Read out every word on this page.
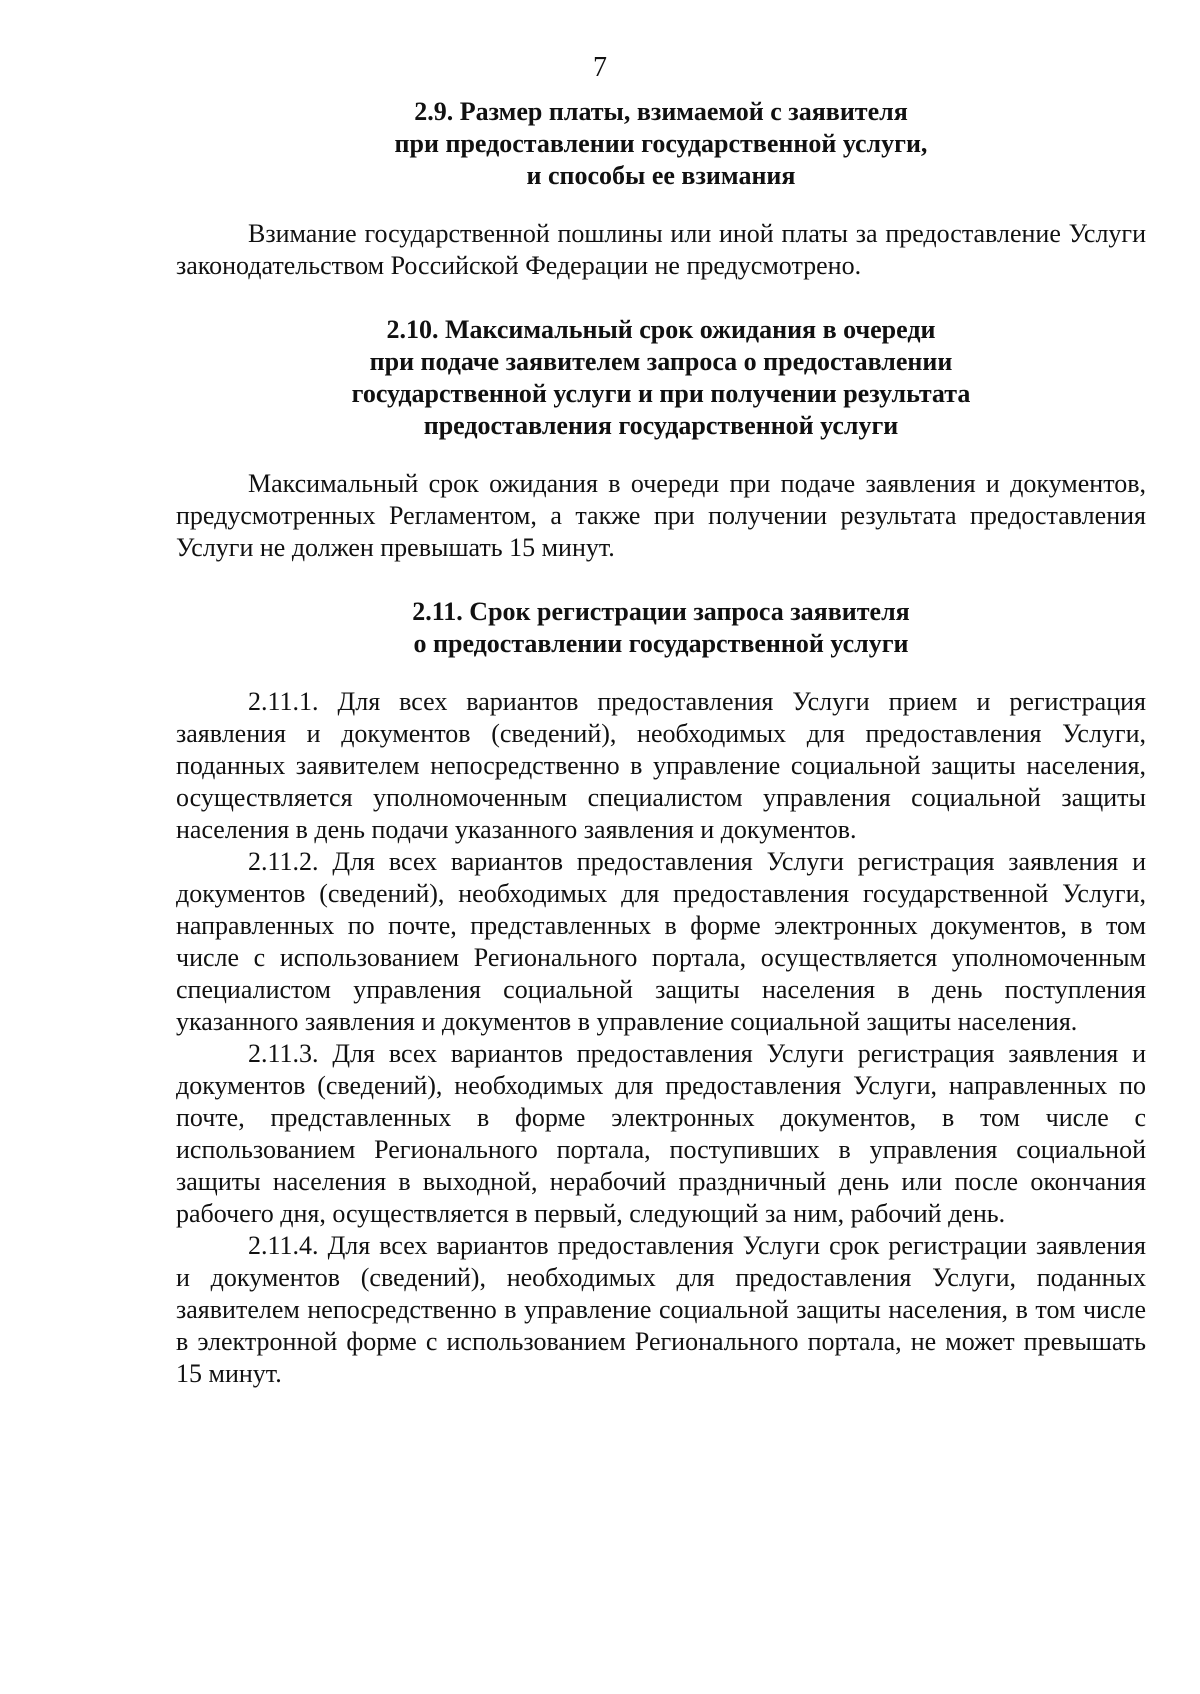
7
2.9. Размер платы, взимаемой с заявителя
при предоставлении государственной услуги,
и способы ее взимания

Взимание государственной пошлины или иной платы за предоставление Услуги законодательством Российской Федерации не предусмотрено.

2.10. Максимальный срок ожидания в очереди
при подаче заявителем запроса о предоставлении
государственной услуги и при получении результата
предоставления государственной услуги

Максимальный срок ожидания в очереди при подаче заявления и документов, предусмотренных Регламентом, а также при получении результата предоставления Услуги не должен превышать 15 минут.

2.11. Срок регистрации запроса заявителя
о предоставлении государственной услуги

2.11.1. Для всех вариантов предоставления Услуги прием и регистрация заявления и документов (сведений), необходимых для предоставления Услуги, поданных заявителем непосредственно в управление социальной защиты населения, осуществляется уполномоченным специалистом управления социальной защиты населения в день подачи указанного заявления и документов.

2.11.2. Для всех вариантов предоставления Услуги регистрация заявления и документов (сведений), необходимых для предоставления государственной Услуги, направленных по почте, представленных в форме электронных документов, в том числе с использованием Регионального портала, осуществляется уполномоченным специалистом управления социальной защиты населения в день поступления указанного заявления и документов в управление социальной защиты населения.

2.11.3. Для всех вариантов предоставления Услуги регистрация заявления и документов (сведений), необходимых для предоставления Услуги, направленных по почте, представленных в форме электронных документов, в том числе с использованием Регионального портала, поступивших в управления социальной защиты населения в выходной, нерабочий праздничный день или после окончания рабочего дня, осуществляется в первый, следующий за ним, рабочий день.

2.11.4. Для всех вариантов предоставления Услуги срок регистрации заявления и документов (сведений), необходимых для предоставления Услуги, поданных заявителем непосредственно в управление социальной защиты населения, в том числе в электронной форме с использованием Регионального портала, не может превышать 15 минут.
